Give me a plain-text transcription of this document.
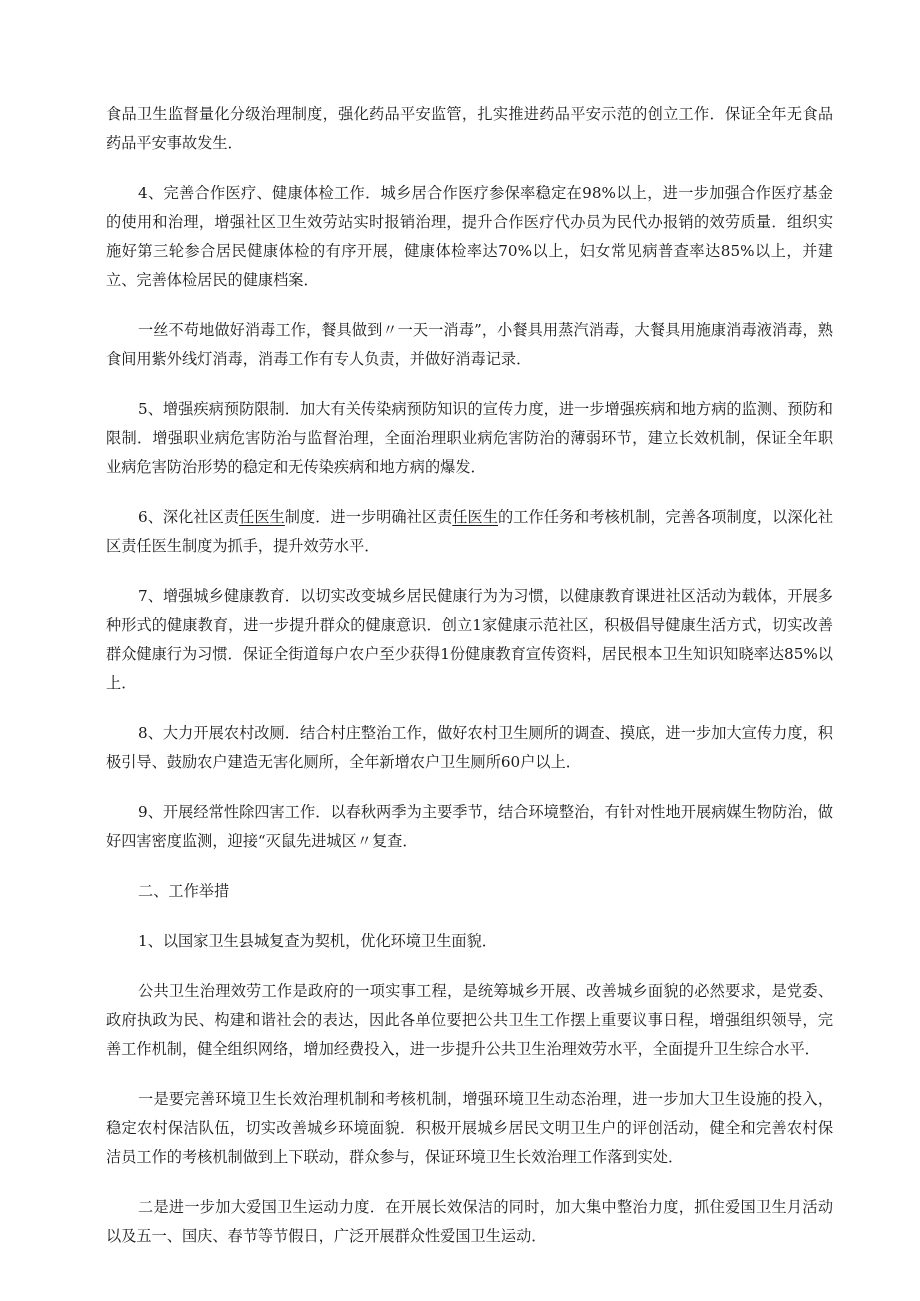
食品卫生监督量化分级治理制度，强化药品平安监管，扎实推进药品平安示范的创立工作．保证全年无食品药品平安事故发生．

4、完善合作医疗、健康体检工作．城乡居合作医疗参保率稳定在98%以上，进一步加强合作医疗基金的使用和治理，增强社区卫生效劳站实时报销治理，提升合作医疗代办员为民代办报销的效劳质量．组织实施好第三轮参合居民健康体检的有序开展，健康体检率达70%以上，妇女常见病普查率达85%以上，并建立、完善体检居民的健康档案．

一丝不苟地做好消毒工作，餐具做到〃一天一消毒”，小餐具用蒸汽消毒，大餐具用施康消毒液消毒，熟食间用紫外线灯消毒，消毒工作有专人负责，并做好消毒记录．

5、增强疾病预防限制．加大有关传染病预防知识的宣传力度，进一步增强疾病和地方病的监测、预防和限制．增强职业病危害防治与监督治理，全面治理职业病危害防治的薄弱环节，建立长效机制，保证全年职业病危害防治形势的稳定和无传染疾病和地方病的爆发．

6、深化社区责任医生制度．进一步明确社区责任医生的工作任务和考核机制，完善各项制度，以深化社区责任医生制度为抓手，提升效劳水平．

7、增强城乡健康教育．以切实改变城乡居民健康行为为习惯，以健康教育课进社区活动为载体，开展多种形式的健康教育，进一步提升群众的健康意识．创立1家健康示范社区，积极倡导健康生活方式，切实改善群众健康行为习惯．保证全街道每户农户至少获得1份健康教育宣传资料，居民根本卫生知识知晓率达85%以上．

8、大力开展农村改厕．结合村庄整治工作，做好农村卫生厕所的调查、摸底，进一步加大宣传力度，积极引导、鼓励农户建造无害化厕所，全年新增农户卫生厕所60户以上．

9、开展经常性除四害工作．以春秋两季为主要季节，结合环境整治，有针对性地开展病媒生物防治，做好四害密度监测，迎接“灭鼠先进城区〃复查．

二、工作举措

1、以国家卫生县城复查为契机，优化环境卫生面貌．

公共卫生治理效劳工作是政府的一项实事工程，是统筹城乡开展、改善城乡面貌的必然要求，是党委、政府执政为民、构建和谐社会的表达，因此各单位要把公共卫生工作摆上重要议事日程，增强组织领导，完善工作机制，健全组织网络，增加经费投入，进一步提升公共卫生治理效劳水平，全面提升卫生综合水平．

一是要完善环境卫生长效治理机制和考核机制，增强环境卫生动态治理，进一步加大卫生设施的投入，稳定农村保洁队伍，切实改善城乡环境面貌．积极开展城乡居民文明卫生户的评创活动，健全和完善农村保洁员工作的考核机制做到上下联动，群众参与，保证环境卫生长效治理工作落到实处．

二是进一步加大爱国卫生运动力度．在开展长效保洁的同时，加大集中整治力度，抓住爱国卫生月活动以及五一、国庆、春节等节假日，广泛开展群众性爱国卫生运动．
